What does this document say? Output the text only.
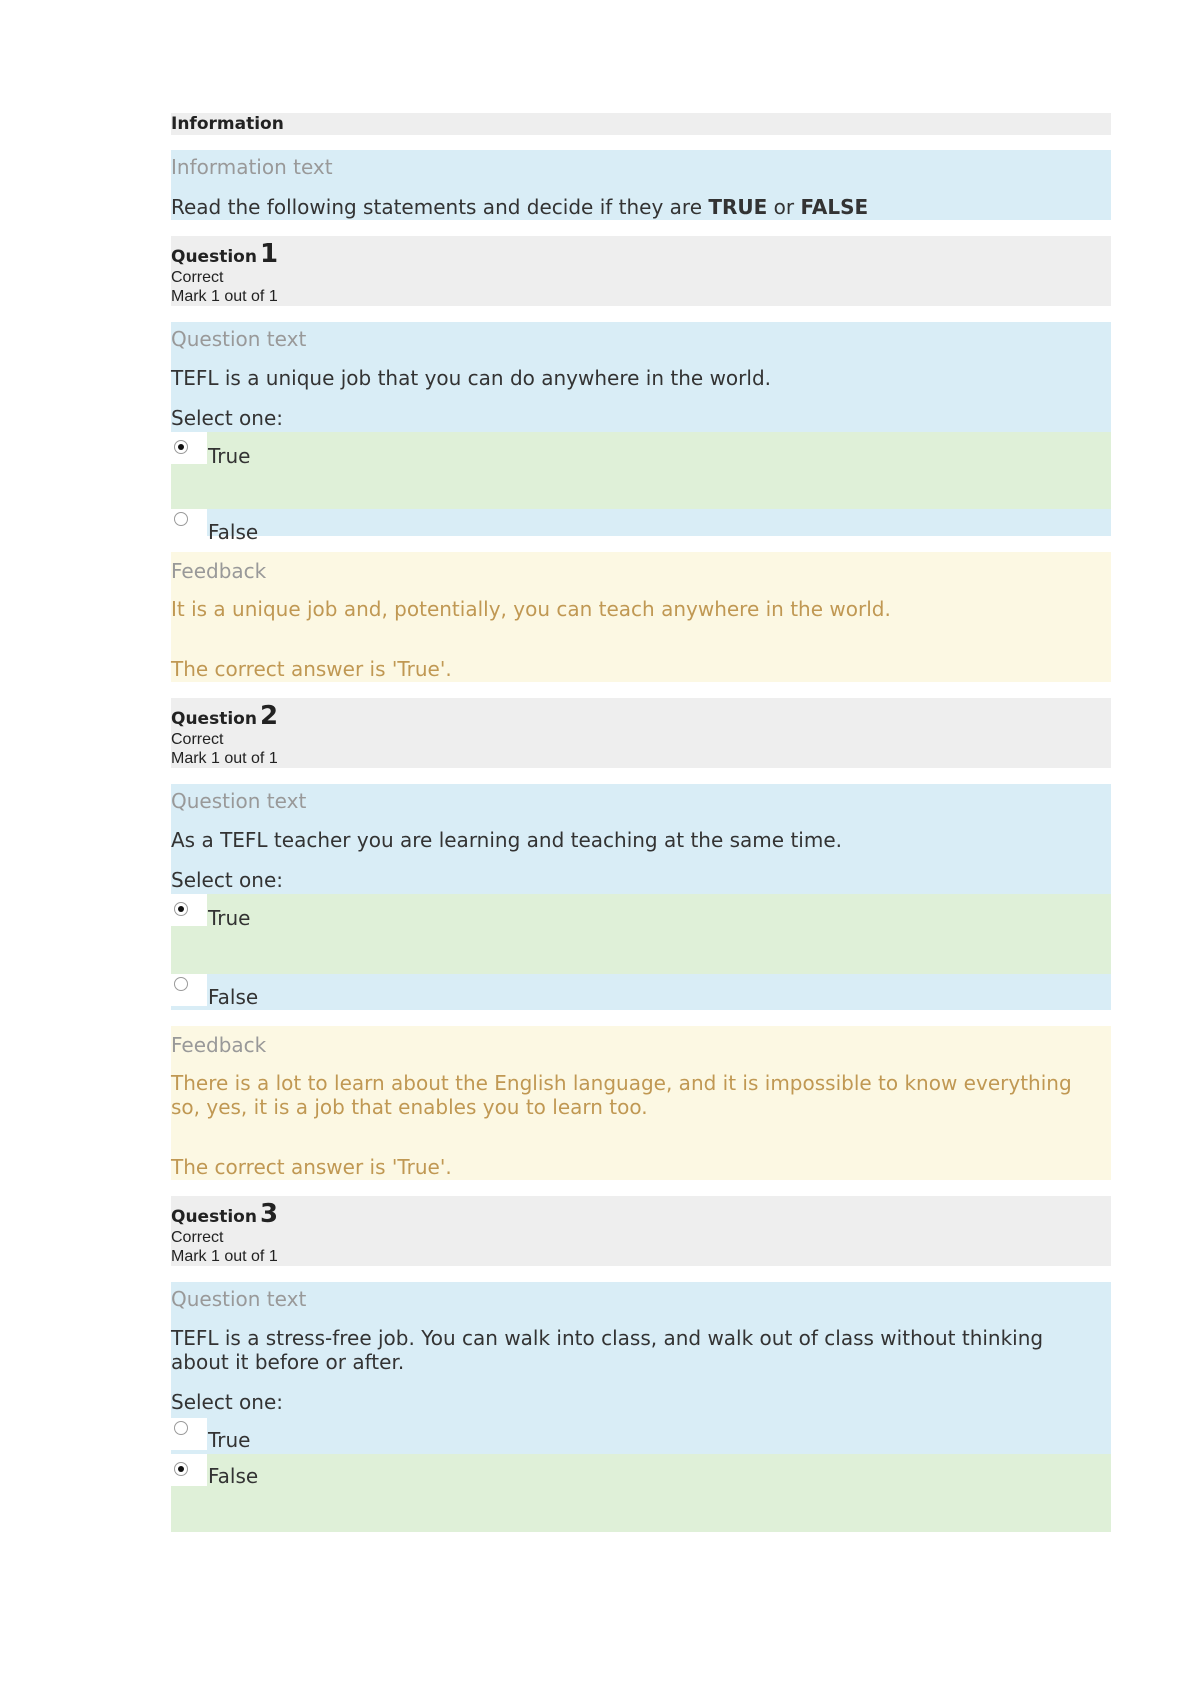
Information
Information text
Read the following statements and decide if they are TRUE or FALSE
Question 1
Correct
Mark 1 out of 1
Question text
TEFL is a unique job that you can do anywhere in the world.
Select one:
True
False
Feedback
It is a unique job and, potentially, you can teach anywhere in the world.
The correct answer is 'True'.
Question 2
Correct
Mark 1 out of 1
Question text
As a TEFL teacher you are learning and teaching at the same time.
Select one:
True
False
Feedback
There is a lot to learn about the English language, and it is impossible to know everything so, yes, it is a job that enables you to learn too.
The correct answer is 'True'.
Question 3
Correct
Mark 1 out of 1
Question text
TEFL is a stress-free job. You can walk into class, and walk out of class without thinking about it before or after.
Select one:
True
False
